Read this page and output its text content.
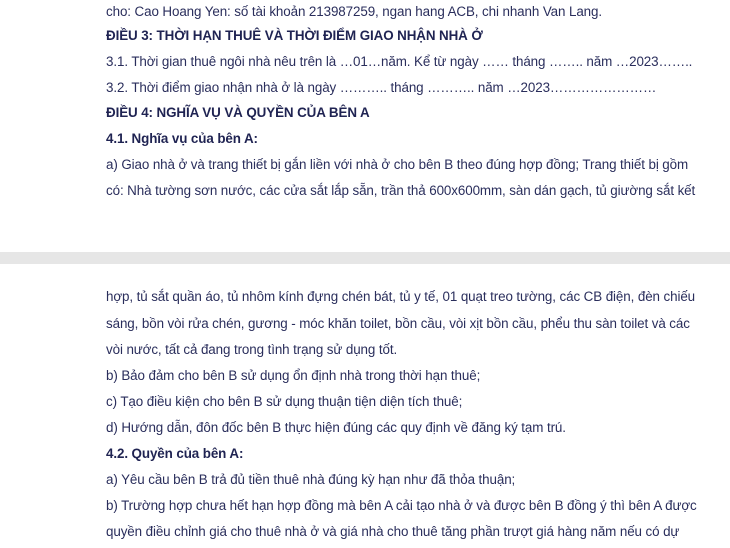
cho: Cao Hoang Yen: số tài khoản 213987259, ngan hang ACB, chi nhanh Van Lang.
ĐIỀU 3: THỜI HẠN THUÊ VÀ THỜI ĐIỂM GIAO NHẬN NHÀ Ở
3.1. Thời gian thuê ngôi nhà nêu trên là …01…năm. Kể từ ngày …… tháng …….. năm …2023……..
3.2. Thời điểm giao nhận nhà ở là ngày ……….. tháng ……….. năm …2023……………………
ĐIỀU 4: NGHĨA VỤ VÀ QUYỀN CỦA BÊN A
4.1. Nghĩa vụ của bên A:
a) Giao nhà ở và trang thiết bị gắn liền với nhà ở cho bên B theo đúng hợp đồng; Trang thiết bị gồm
có: Nhà tường sơn nước, các cửa sắt lắp sẵn, trần thả 600x600mm, sàn dán gạch, tủ giường sắt kết
hợp, tủ sắt quần áo, tủ nhôm kính đựng chén bát, tủ y tế, 01 quạt treo tường, các CB điện, đèn chiếu
sáng, bồn vòi rửa chén, gương - móc khăn toilet, bồn cầu, vòi xịt bồn cầu, phểu thu sàn toilet và các
vòi nước, tất cả đang trong tình trạng sử dụng tốt.
b) Bảo đảm cho bên B sử dụng ổn định nhà trong thời hạn thuê;
c) Tạo điều kiện cho bên B sử dụng thuận tiện diện tích thuê;
d) Hướng dẫn, đôn đốc bên B thực hiện đúng các quy định về đăng ký tạm trú.
4.2. Quyền của bên A:
a) Yêu cầu bên B trả đủ tiền thuê nhà đúng kỳ hạn như đã thỏa thuận;
b) Trường hợp chưa hết hạn hợp đồng mà bên A cải tạo nhà ở và được bên B đồng ý thì bên A được
quyền điều chỉnh giá cho thuê nhà ở và giá nhà cho thuê tăng phần trượt giá hàng năm nếu có dự
